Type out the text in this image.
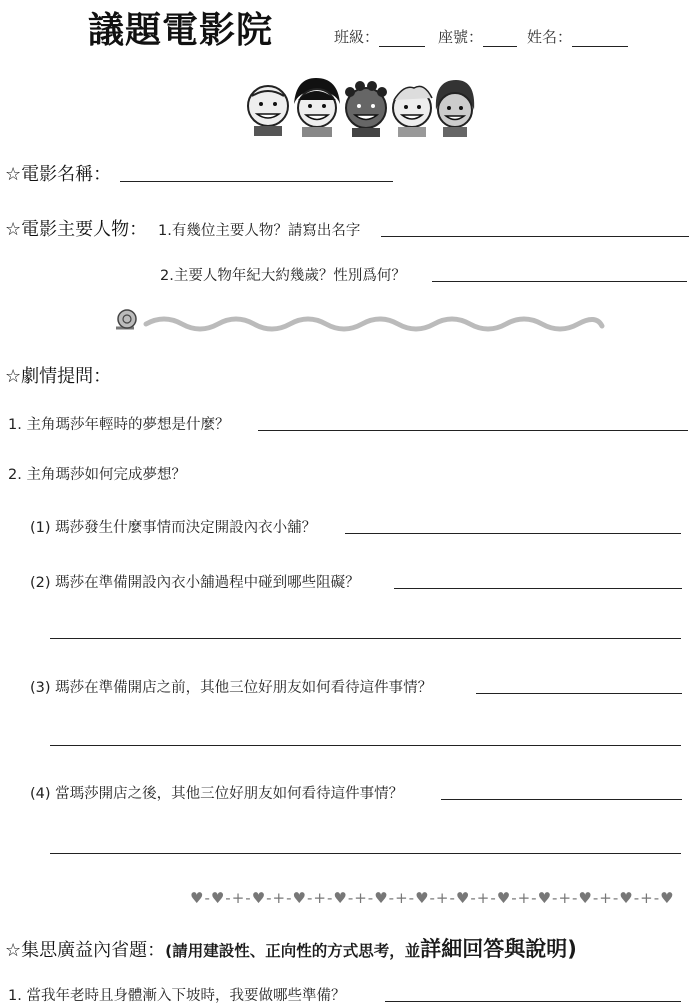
議題電影院	班級：	座號：	姓名：
☆電影名稱：
☆電影主要人物： 1.有幾位主要人物？請寫出名字
2.主要人物年紀大約幾歲？性別爲何？
☆劇情提問：
1. 主角瑪莎年輕時的夢想是什麼？
2. 主角瑪莎如何完成夢想？
(1) 瑪莎發生什麼事情而決定開設內衣小舖？
(2) 瑪莎在準備開設內衣小舖過程中碰到哪些阻礙？
(3) 瑪莎在準備開店之前，其他三位好朋友如何看待這件事情？
(4) 當瑪莎開店之後，其他三位好朋友如何看待這件事情？
♥-♥-+-♥-+-♥-+-♥-+-♥-+-♥-+-♥-+-♥-+-♥-+-♥-+-♥-+-♥
☆集思廣益內省題：(請用建設性、正向性的方式思考，並詳細回答與說明)
1. 當我年老時且身體漸入下坡時，我要做哪些準備？
